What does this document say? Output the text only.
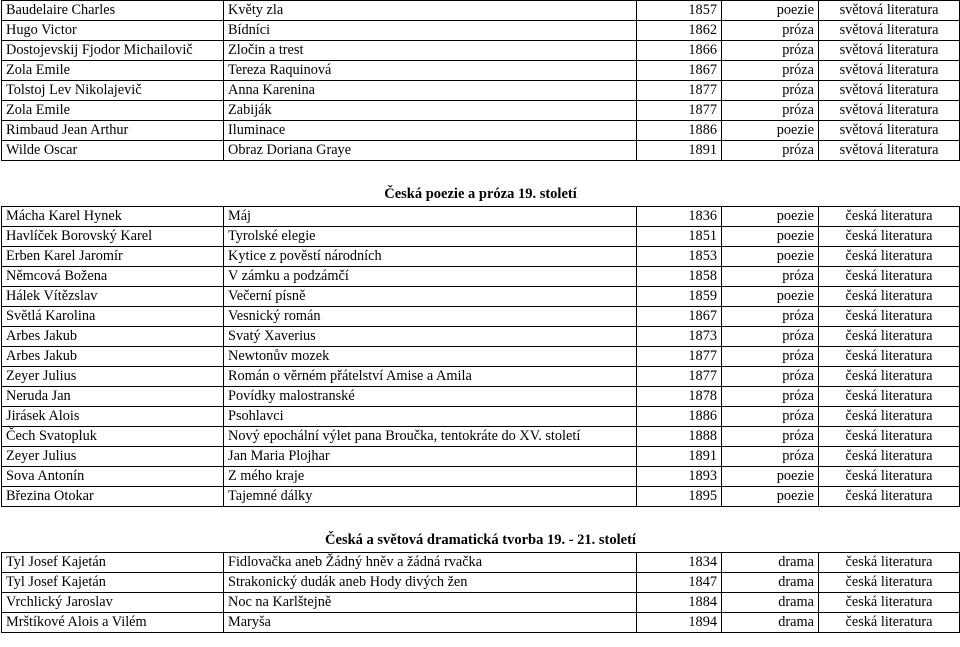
Baudelaire Charles	Květy zla	1857	poezie	světová literatura
Hugo Victor	Bídníci	1862	próza	světová literatura
Dostojevskij Fjodor Michailovič	Zločin a trest	1866	próza	světová literatura
Zola Emile	Tereza Raquinová	1867	próza	světová literatura
Tolstoj Lev Nikolajevič	Anna Karenina	1877	próza	světová literatura
Zola Emile	Zabiják	1877	próza	světová literatura
Rimbaud Jean Arthur	Iluminace	1886	poezie	světová literatura
Wilde Oscar	Obraz Doriana Graye	1891	próza	světová literatura

Česká poezie a próza 19. století				
Mácha Karel Hynek	Máj	1836	poezie	česká literatura
Havlíček Borovský Karel	Tyrolské elegie	1851	poezie	česká literatura
Erben Karel Jaromír	Kytice z pověstí národních	1853	poezie	česká literatura
Němcová Božena	V zámku a podzámčí	1858	próza	česká literatura
Hálek Vítězslav	Večerní písně	1859	poezie	česká literatura
Světlá Karolina	Vesnický román	1867	próza	česká literatura
Arbes Jakub	Svatý Xaverius	1873	próza	česká literatura
Arbes Jakub	Newtonův mozek	1877	próza	česká literatura
Zeyer Julius	Román o věrném přátelství Amise a Amila	1877	próza	česká literatura
Neruda Jan	Povídky malostranské	1878	próza	česká literatura
Jirásek Alois	Psohlavci	1886	próza	česká literatura
Čech Svatopluk	Nový epochální výlet pana Broučka, tentokráte do XV. století	1888	próza	česká literatura
Zeyer Julius	Jan Maria Plojhar	1891	próza	česká literatura
Sova Antonín	Z mého kraje	1893	poezie	česká literatura
Březina Otokar	Tajemné dálky	1895	poezie	česká literatura

Česká a světová dramatická tvorba 19. - 21. století				
Tyl Josef Kajetán	Fidlovačka aneb Žádný hněv a žádná rvačka	1834	drama	česká literatura
Tyl Josef Kajetán	Strakonický dudák aneb Hody divých žen	1847	drama	česká literatura
Vrchlický Jaroslav	Noc na Karlštejně	1884	drama	česká literatura
Mrštíkové Alois a Vilém	Maryša	1894	drama	česká literatura
